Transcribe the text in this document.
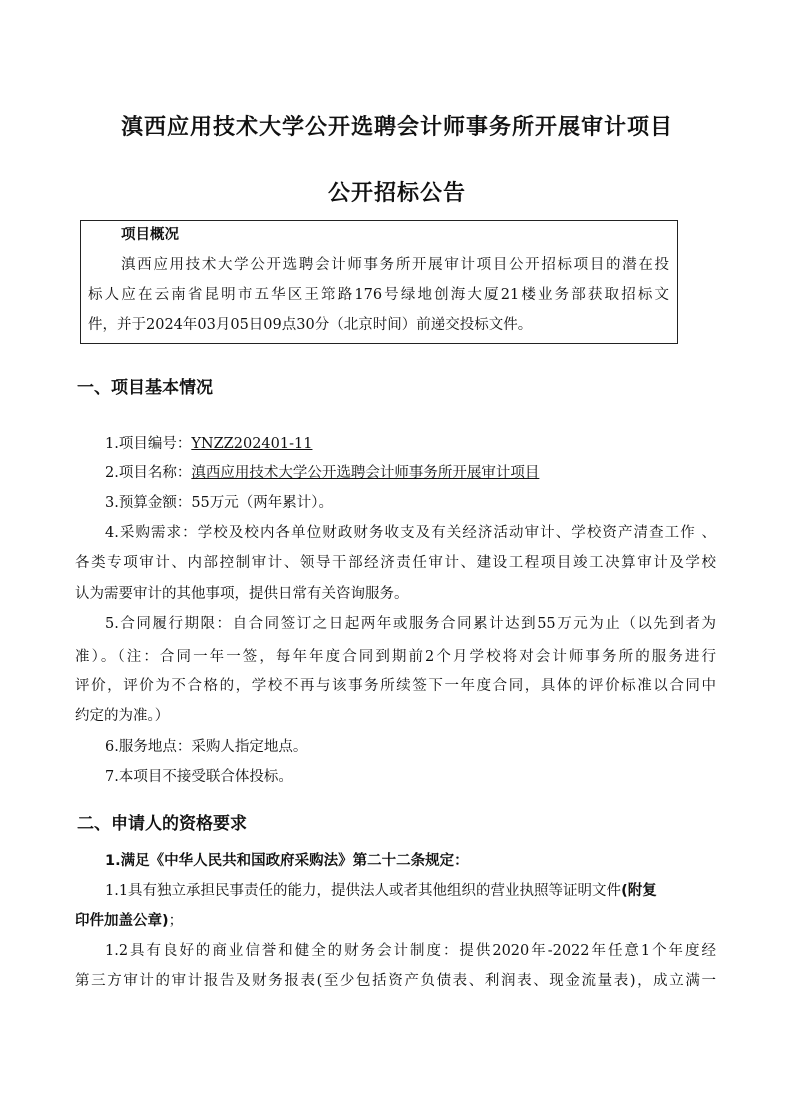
滇西应用技术大学公开选聘会计师事务所开展审计项目
公开招标公告
项目概况
滇西应用技术大学公开选聘会计师事务所开展审计项目公开招标项目的潜在投
标人应在云南省昆明市五华区王筇路176号绿地创海大厦21楼业务部获取招标文
件，并于2024年03月05日09点30分（北京时间）前递交投标文件。
一、项目基本情况
1.项目编号：YNZZ202401-11
2.项目名称：滇西应用技术大学公开选聘会计师事务所开展审计项目
3.预算金额：55万元（两年累计）。
4.采购需求：学校及校内各单位财政财务收支及有关经济活动审计、学校资产清查工作 、
各类专项审计、内部控制审计、领导干部经济责任审计、建设工程项目竣工决算审计及学校
认为需要审计的其他事项，提供日常有关咨询服务。
5.合同履行期限：自合同签订之日起两年或服务合同累计达到55万元为止（以先到者为
准）。（注：合同一年一签，每年年度合同到期前2个月学校将对会计师事务所的服务进行
评价，评价为不合格的，学校不再与该事务所续签下一年度合同，具体的评价标准以合同中
约定的为准。）
6.服务地点：采购人指定地点。
7.本项目不接受联合体投标。
二、申请人的资格要求
1.满足《中华人民共和国政府采购法》第二十二条规定：
1.1具有独立承担民事责任的能力，提供法人或者其他组织的营业执照等证明文件(附复
印件加盖公章)；
1.2具有良好的商业信誉和健全的财务会计制度：提供2020年-2022年任意1个年度经
第三方审计的审计报告及财务报表(至少包括资产负债表、利润表、现金流量表)，成立满一
